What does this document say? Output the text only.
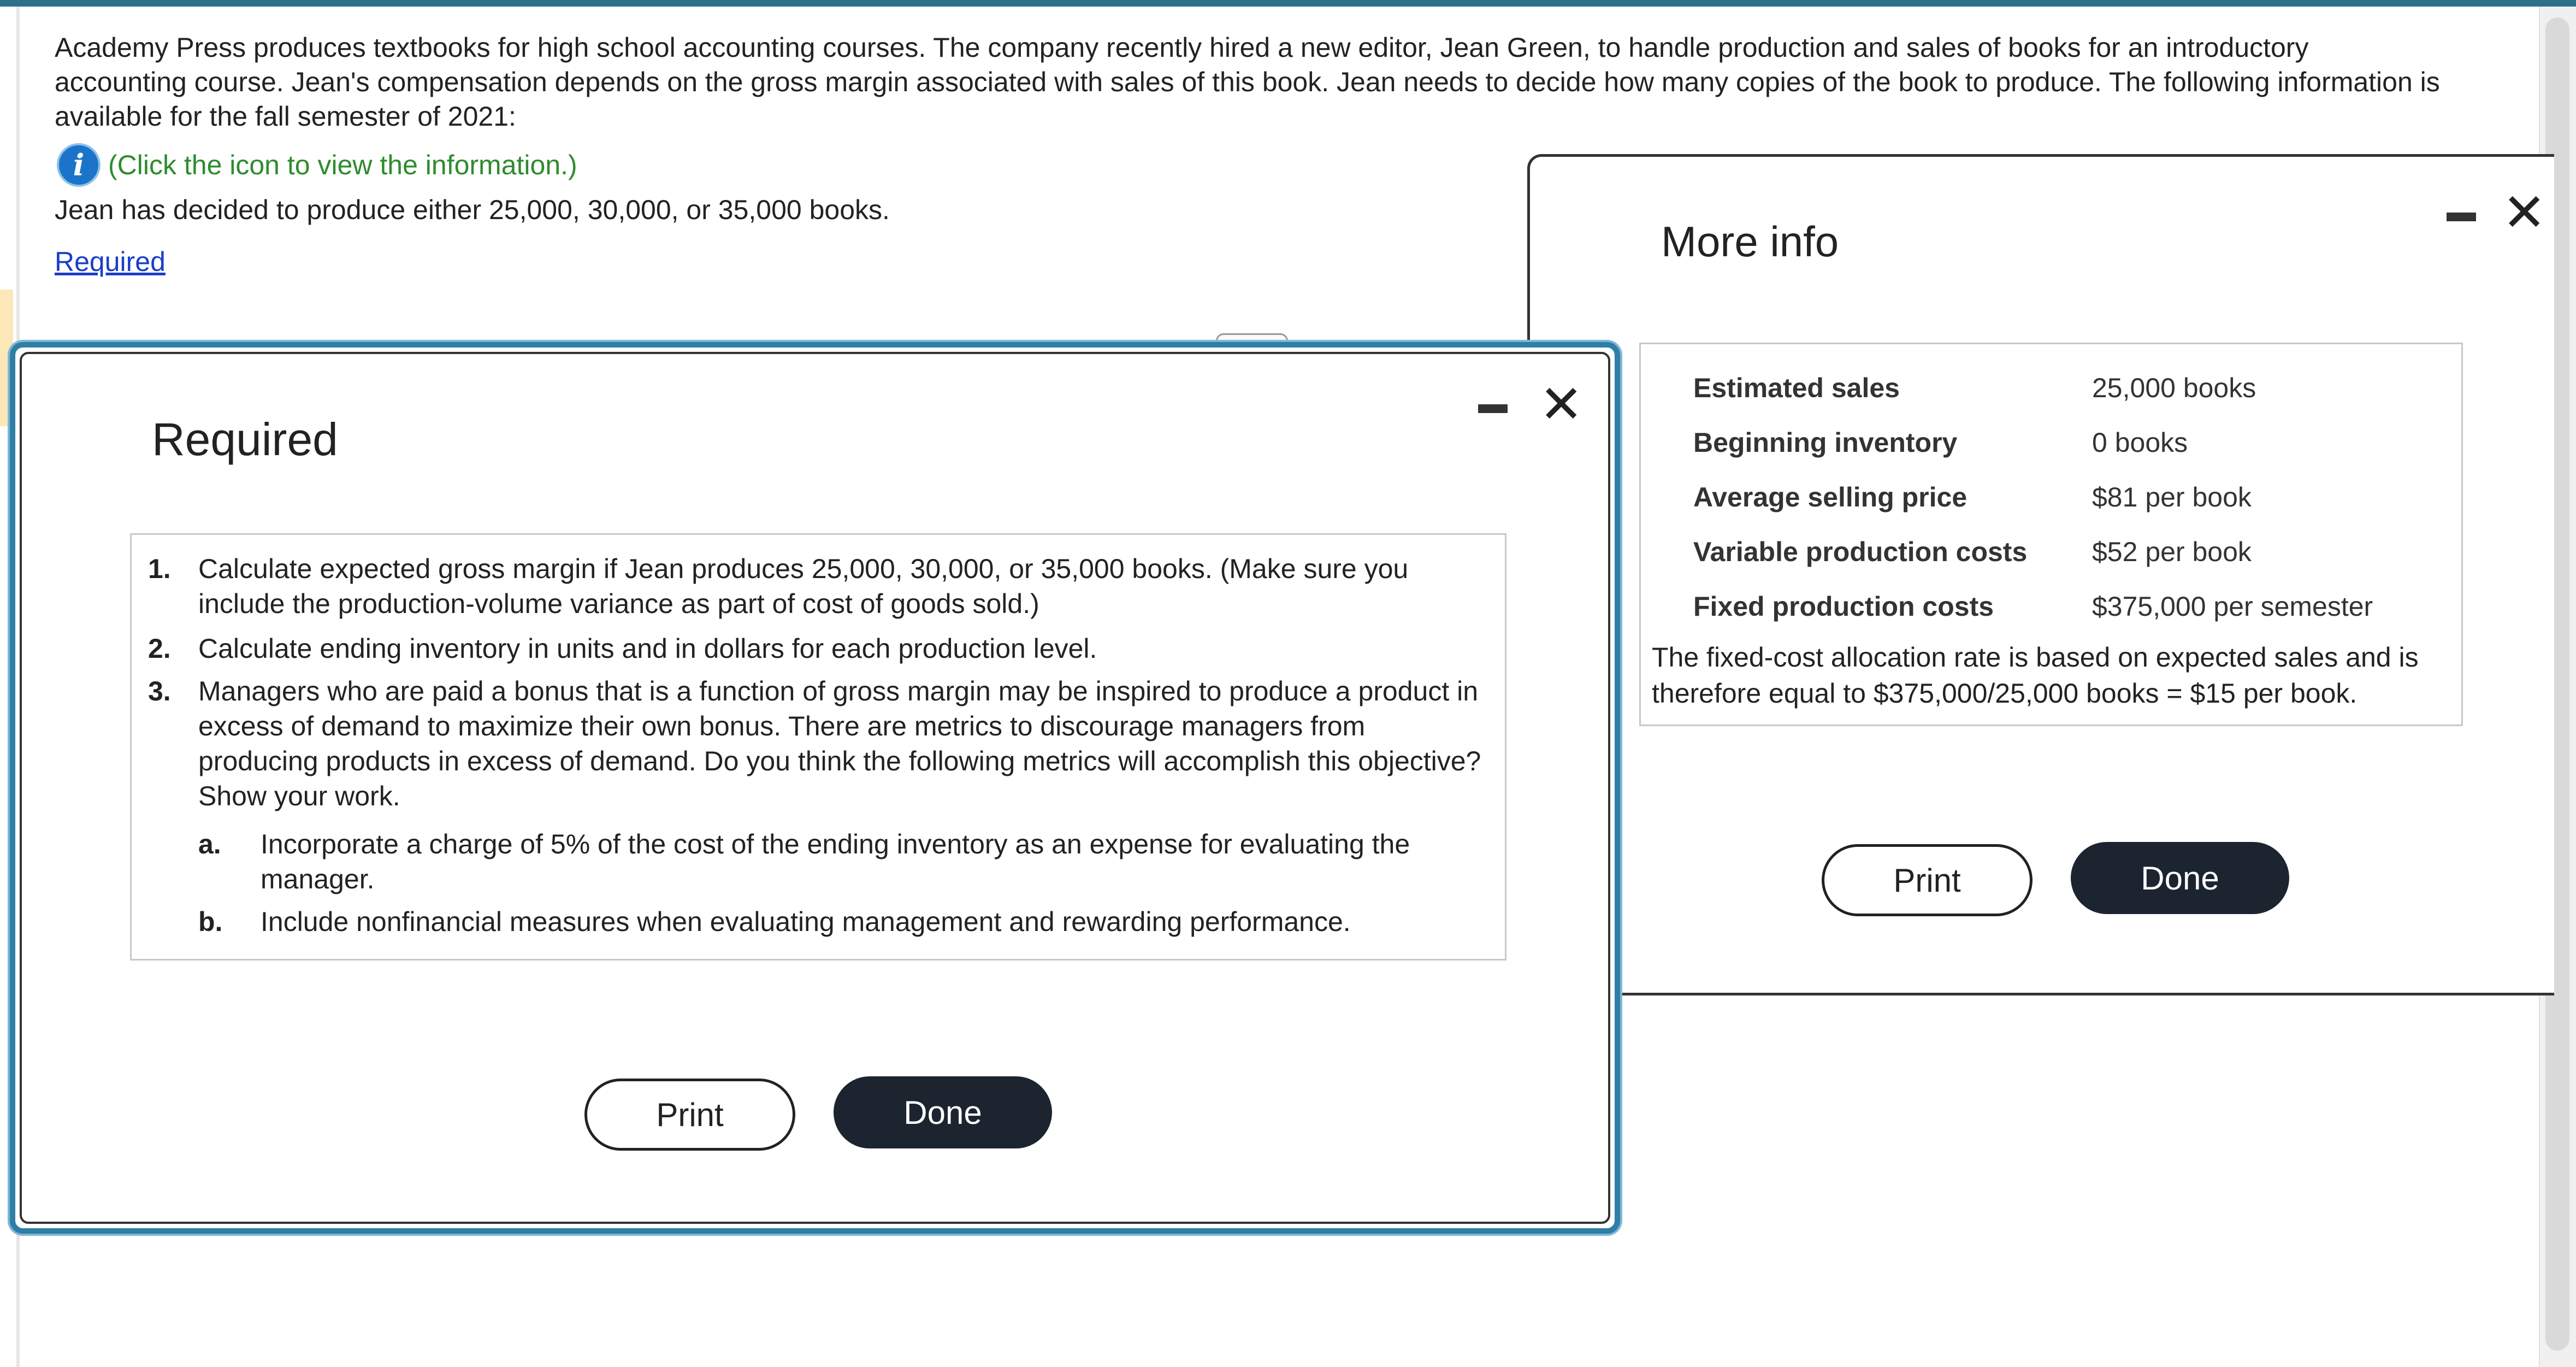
Academy Press produces textbooks for high school accounting courses. The company recently hired a new editor, Jean Green, to handle production and sales of books for an introductory accounting course. Jean's compensation depends on the gross margin associated with sales of this book. Jean needs to decide how many copies of the book to produce. The following information is available for the fall semester of 2021:
i (Click the icon to view the information.)
Jean has decided to produce either 25,000, 30,000, or 35,000 books.
Required	More info	✕
Estimated sales	25,000 books
Beginning inventory	0 books
Average selling price	$81 per book
Variable production costs	$52 per book
Fixed production costs	$375,000 per semester
The fixed-cost allocation rate is based on expected sales and is therefore equal to $375,000/25,000 books = $15 per book.
Print	Done
Required
✕
1. Calculate expected gross margin if Jean produces 25,000, 30,000, or 35,000 books. (Make sure you include the production-volume variance as part of cost of goods sold.)
2. Calculate ending inventory in units and in dollars for each production level.
3. Managers who are paid a bonus that is a function of gross margin may be inspired to produce a product in excess of demand to maximize their own bonus. There are metrics to discourage managers from producing products in excess of demand. Do you think the following metrics will accomplish this objective? Show your work.
a. Incorporate a charge of 5% of the cost of the ending inventory as an expense for evaluating the manager.
b. Include nonfinancial measures when evaluating management and rewarding performance.
Print	Done
